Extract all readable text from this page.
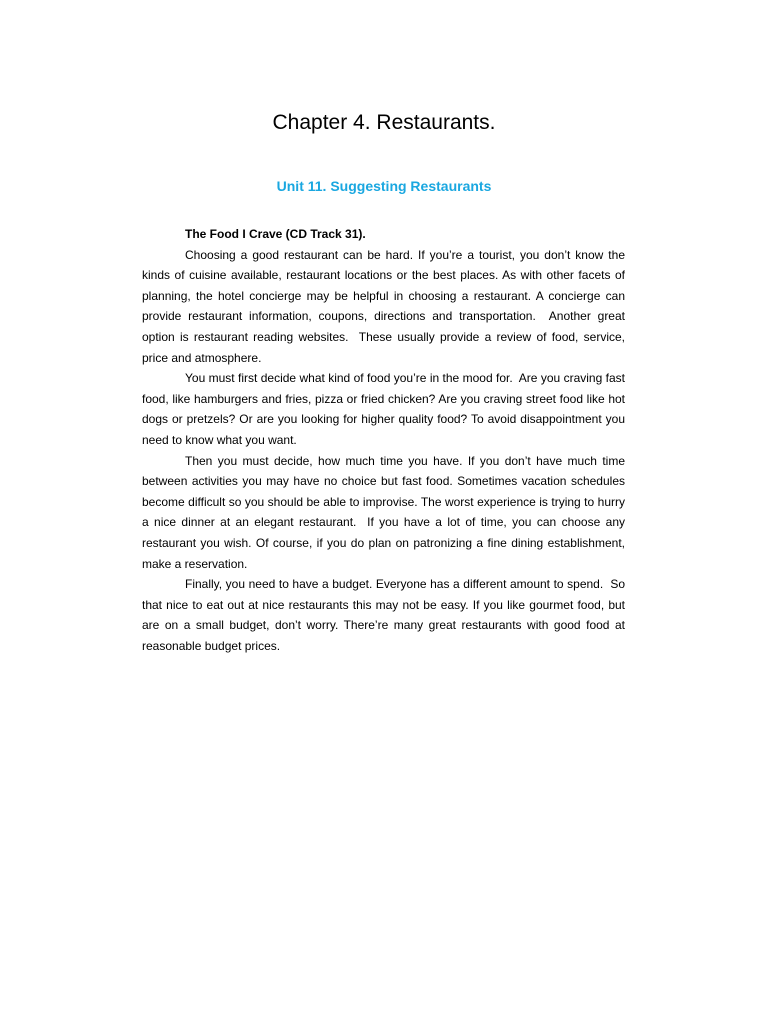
Chapter 4. Restaurants.
Unit 11. Suggesting Restaurants

The Food I Crave (CD Track 31).

Choosing a good restaurant can be hard. If you’re a tourist, you don’t know the kinds of cuisine available, restaurant locations or the best places. As with other facets of planning, the hotel concierge may be helpful in choosing a restaurant. A concierge can provide restaurant information, coupons, directions and transportation.  Another great option is restaurant reading websites.  These usually provide a review of food, service, price and atmosphere.

You must first decide what kind of food you’re in the mood for.  Are you craving fast food, like hamburgers and fries, pizza or fried chicken? Are you craving street food like hot dogs or pretzels? Or are you looking for higher quality food? To avoid disappointment you need to know what you want.

Then you must decide, how much time you have. If you don’t have much time between activities you may have no choice but fast food. Sometimes vacation schedules become difficult so you should be able to improvise. The worst experience is trying to hurry a nice dinner at an elegant restaurant.  If you have a lot of time, you can choose any restaurant you wish. Of course, if you do plan on patronizing a fine dining establishment, make a reservation.

Finally, you need to have a budget. Everyone has a different amount to spend.  So that nice to eat out at nice restaurants this may not be easy. If you like gourmet food, but are on a small budget, don’t worry. There’re many great restaurants with good food at reasonable budget prices.
